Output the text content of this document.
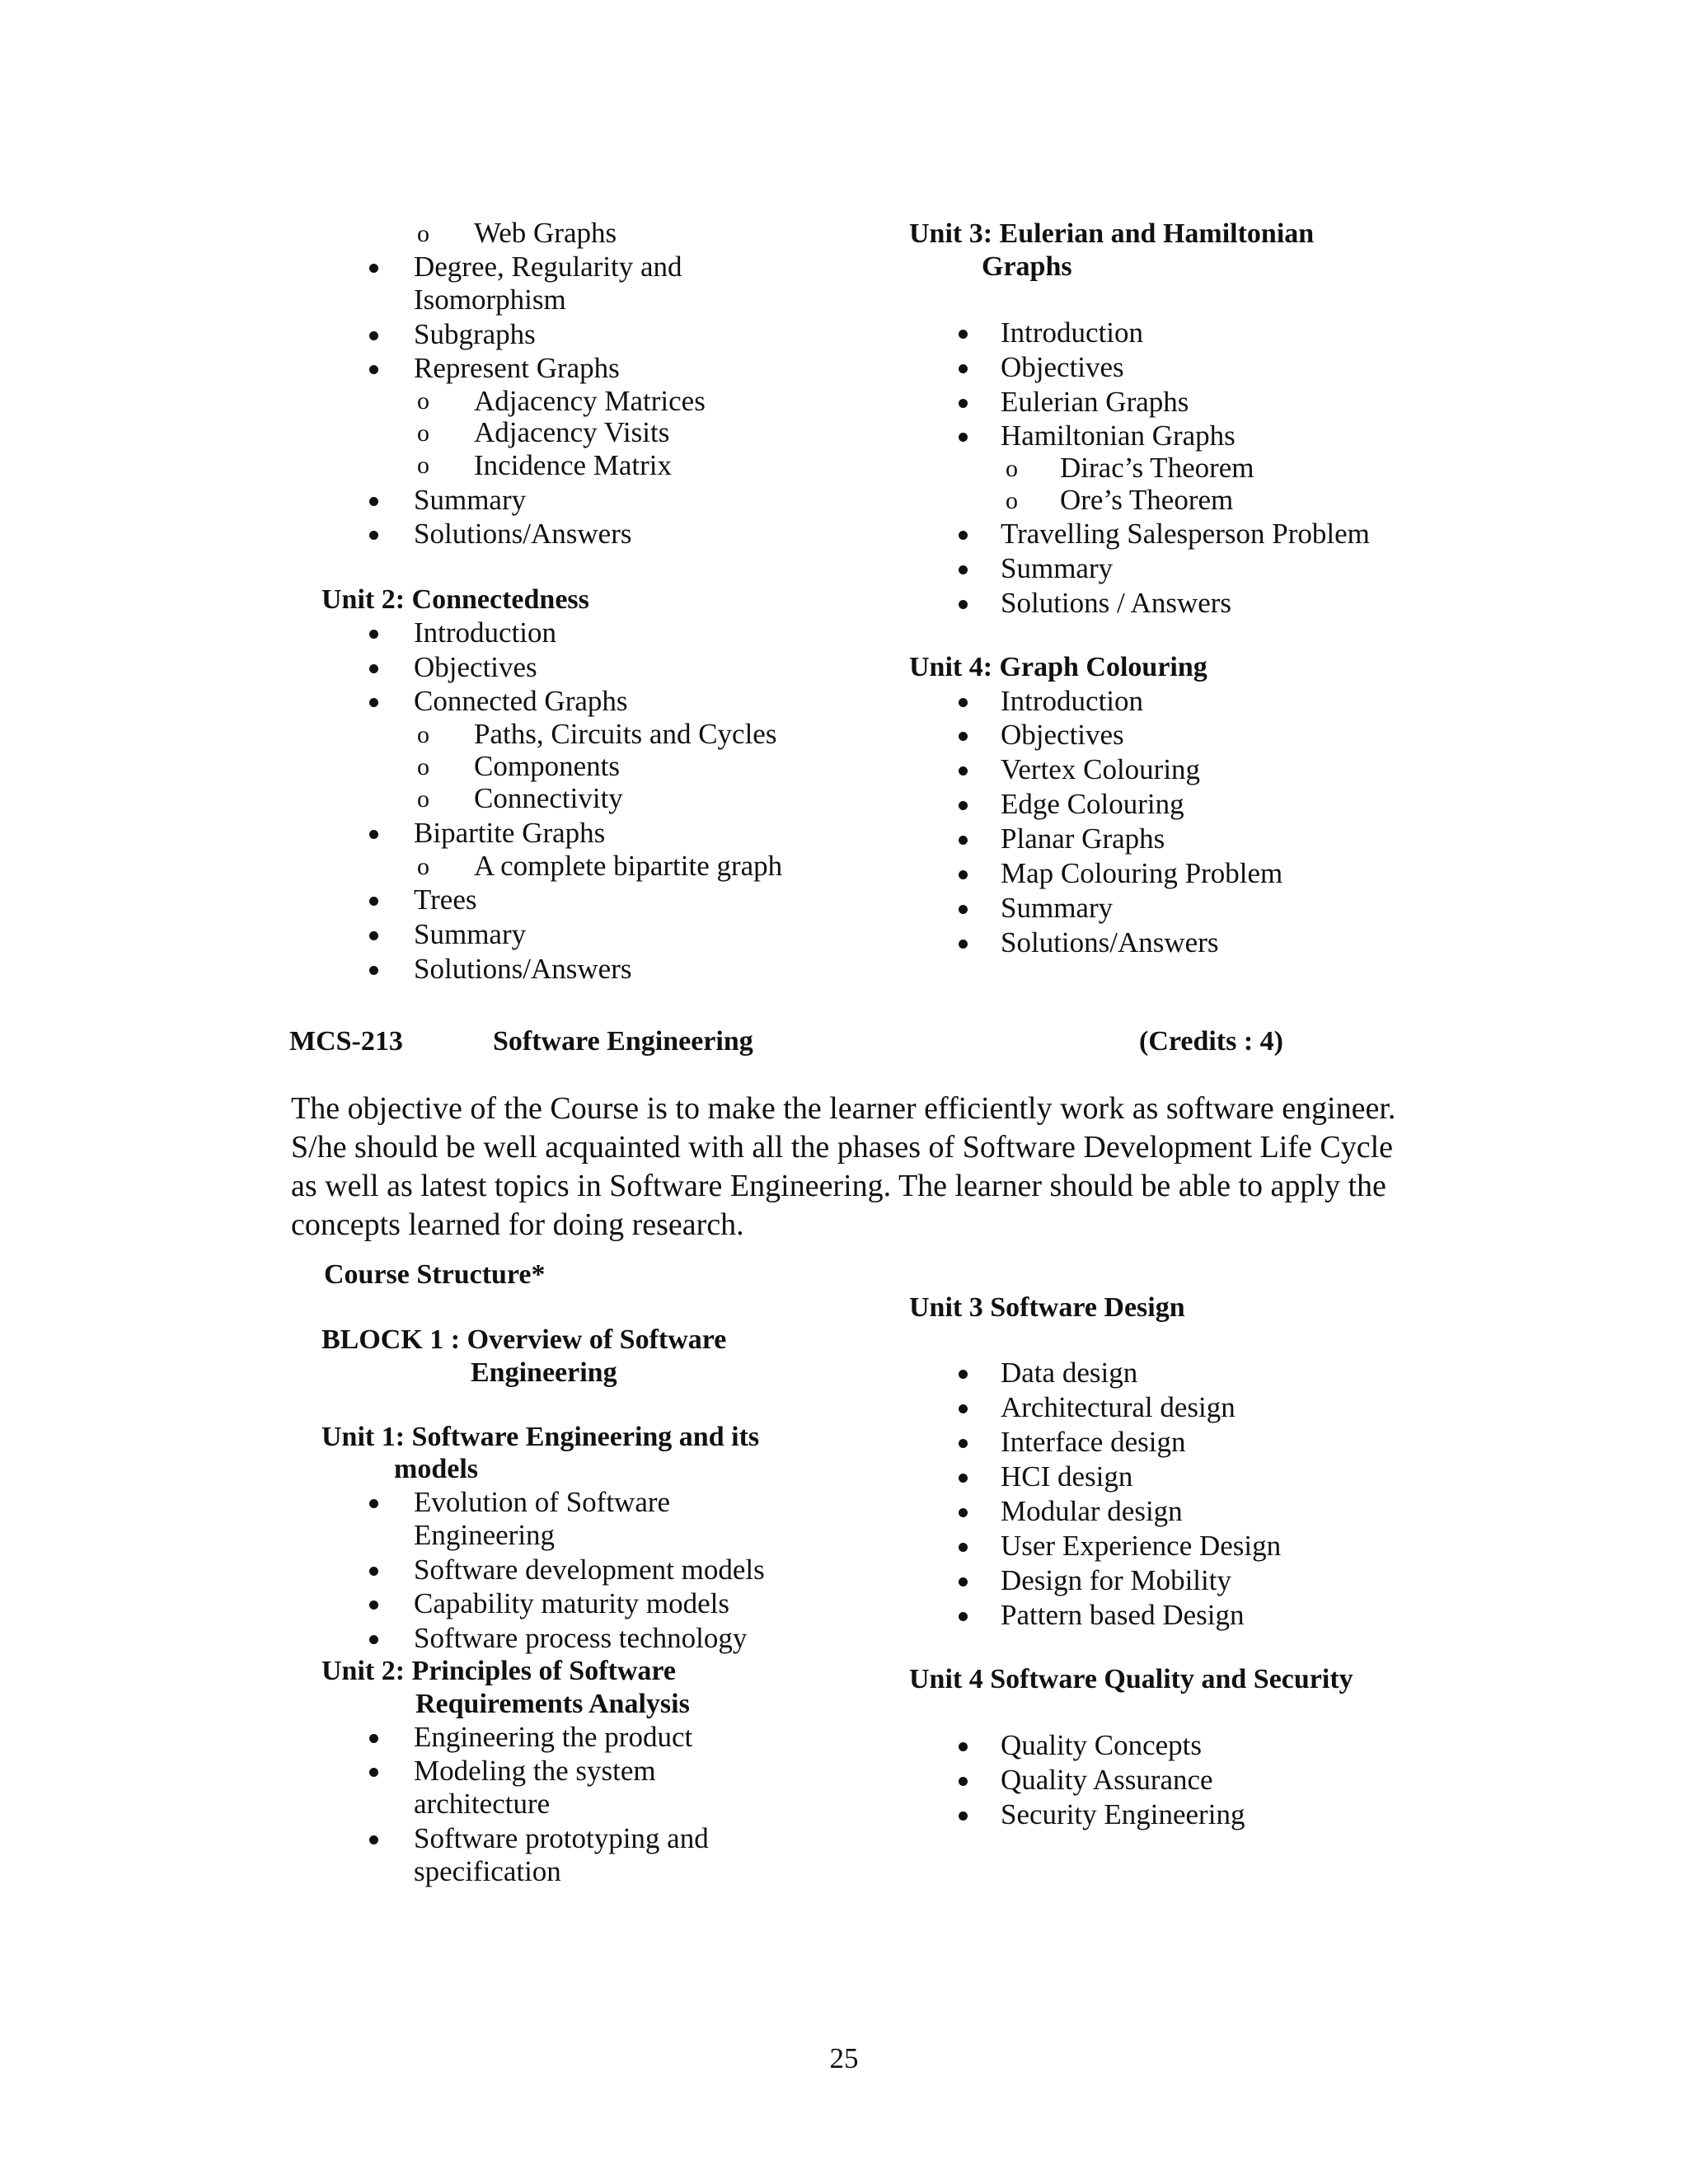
o Web Graphs
Degree, Regularity and
Isomorphism
Subgraphs
Represent Graphs
o Adjacency Matrices
o Adjacency Visits
o Incidence Matrix
Summary
Solutions/Answers
Unit 2: Connectedness
Introduction
Objectives
Connected Graphs
o Paths, Circuits and Cycles
o Components
o Connectivity
Bipartite Graphs
o A complete bipartite graph
Trees
Summary
Solutions/Answers
Unit 3: Eulerian and Hamiltonian
Graphs
Introduction
Objectives
Eulerian Graphs
Hamiltonian Graphs
o Dirac’s Theorem
o Ore’s Theorem
Travelling Salesperson Problem
Summary
Solutions / Answers
Unit 4: Graph Colouring
Introduction
Objectives
Vertex Colouring
Edge Colouring
Planar Graphs
Map Colouring Problem
Summary
Solutions/Answers
MCS-213	Software Engineering	(Credits : 4)
The objective of the Course is to make the learner efficiently work as software engineer.
S/he should be well acquainted with all the phases of Software Development Life Cycle
as well as latest topics in Software Engineering. The learner should be able to apply the
concepts learned for doing research.
Course Structure*
BLOCK 1 : Overview of Software
Engineering
Unit 1: Software Engineering and its
models
Evolution of Software
Engineering
Software development models
Capability maturity models
Software process technology
Unit 2: Principles of Software
Requirements Analysis
Engineering the product
Modeling the system
architecture
Software prototyping and
specification
Unit 3 Software Design
Data design
Architectural design
Interface design
HCI design
Modular design
User Experience Design
Design for Mobility
Pattern based Design
Unit 4 Software Quality and Security
Quality Concepts
Quality Assurance
Security Engineering
25
